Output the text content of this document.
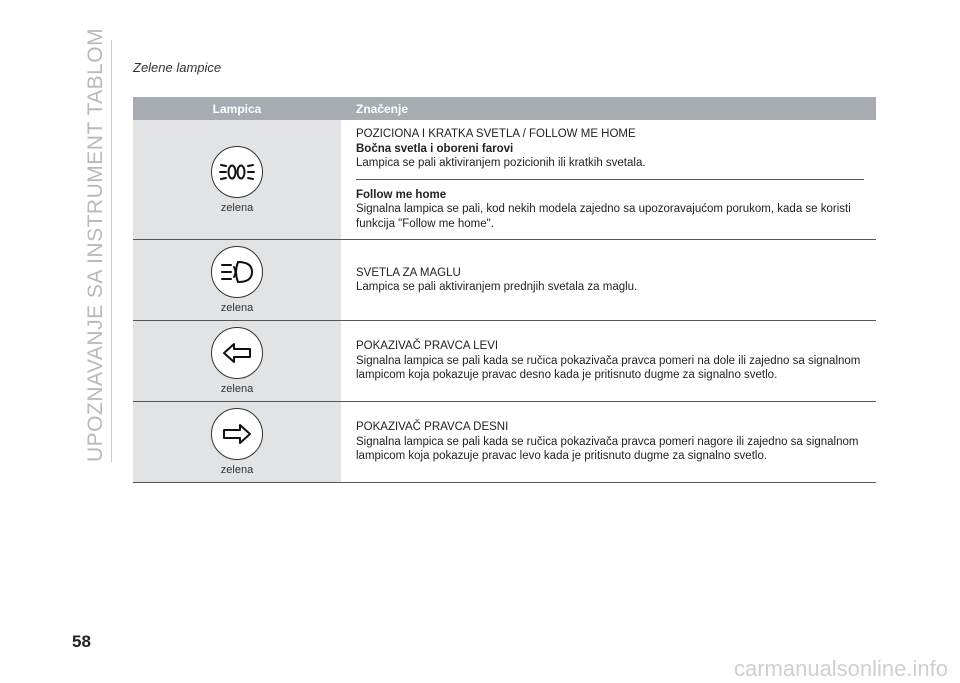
UPOZNAVANJE SA INSTRUMENT TABLOM Zelene lampice
Lampica	Značenje

zelena	POZICIONA I KRATKA SVETLA / FOLLOW ME HOME
Bočna svetla i oboreni farovi
Lampica se pali aktiviranjem pozicionih ili kratkih svetala.
Follow me home
Signalna lampica se pali, kod nekih modela zajedno sa upozoravajućom porukom, kada se koristi funkcija "Follow me home".

zelena	SVETLA ZA MAGLU
Lampica se pali aktiviranjem prednjih svetala za maglu.

zelena	POKAZIVAČ PRAVCA LEVI
Signalna lampica se pali kada se ručica pokazivača pravca pomeri na dole ili zajedno sa signalnom lampicom koja pokazuje pravac desno kada je pritisnuto dugme za signalno svetlo.

zelena	POKAZIVAČ PRAVCA DESNI
Signalna lampica se pali kada se ručica pokazivača pravca pomeri nagore ili zajedno sa signalnom lampicom koja pokazuje pravac levo kada je pritisnuto dugme za signalno svetlo.
58
carmanualsonline.info
